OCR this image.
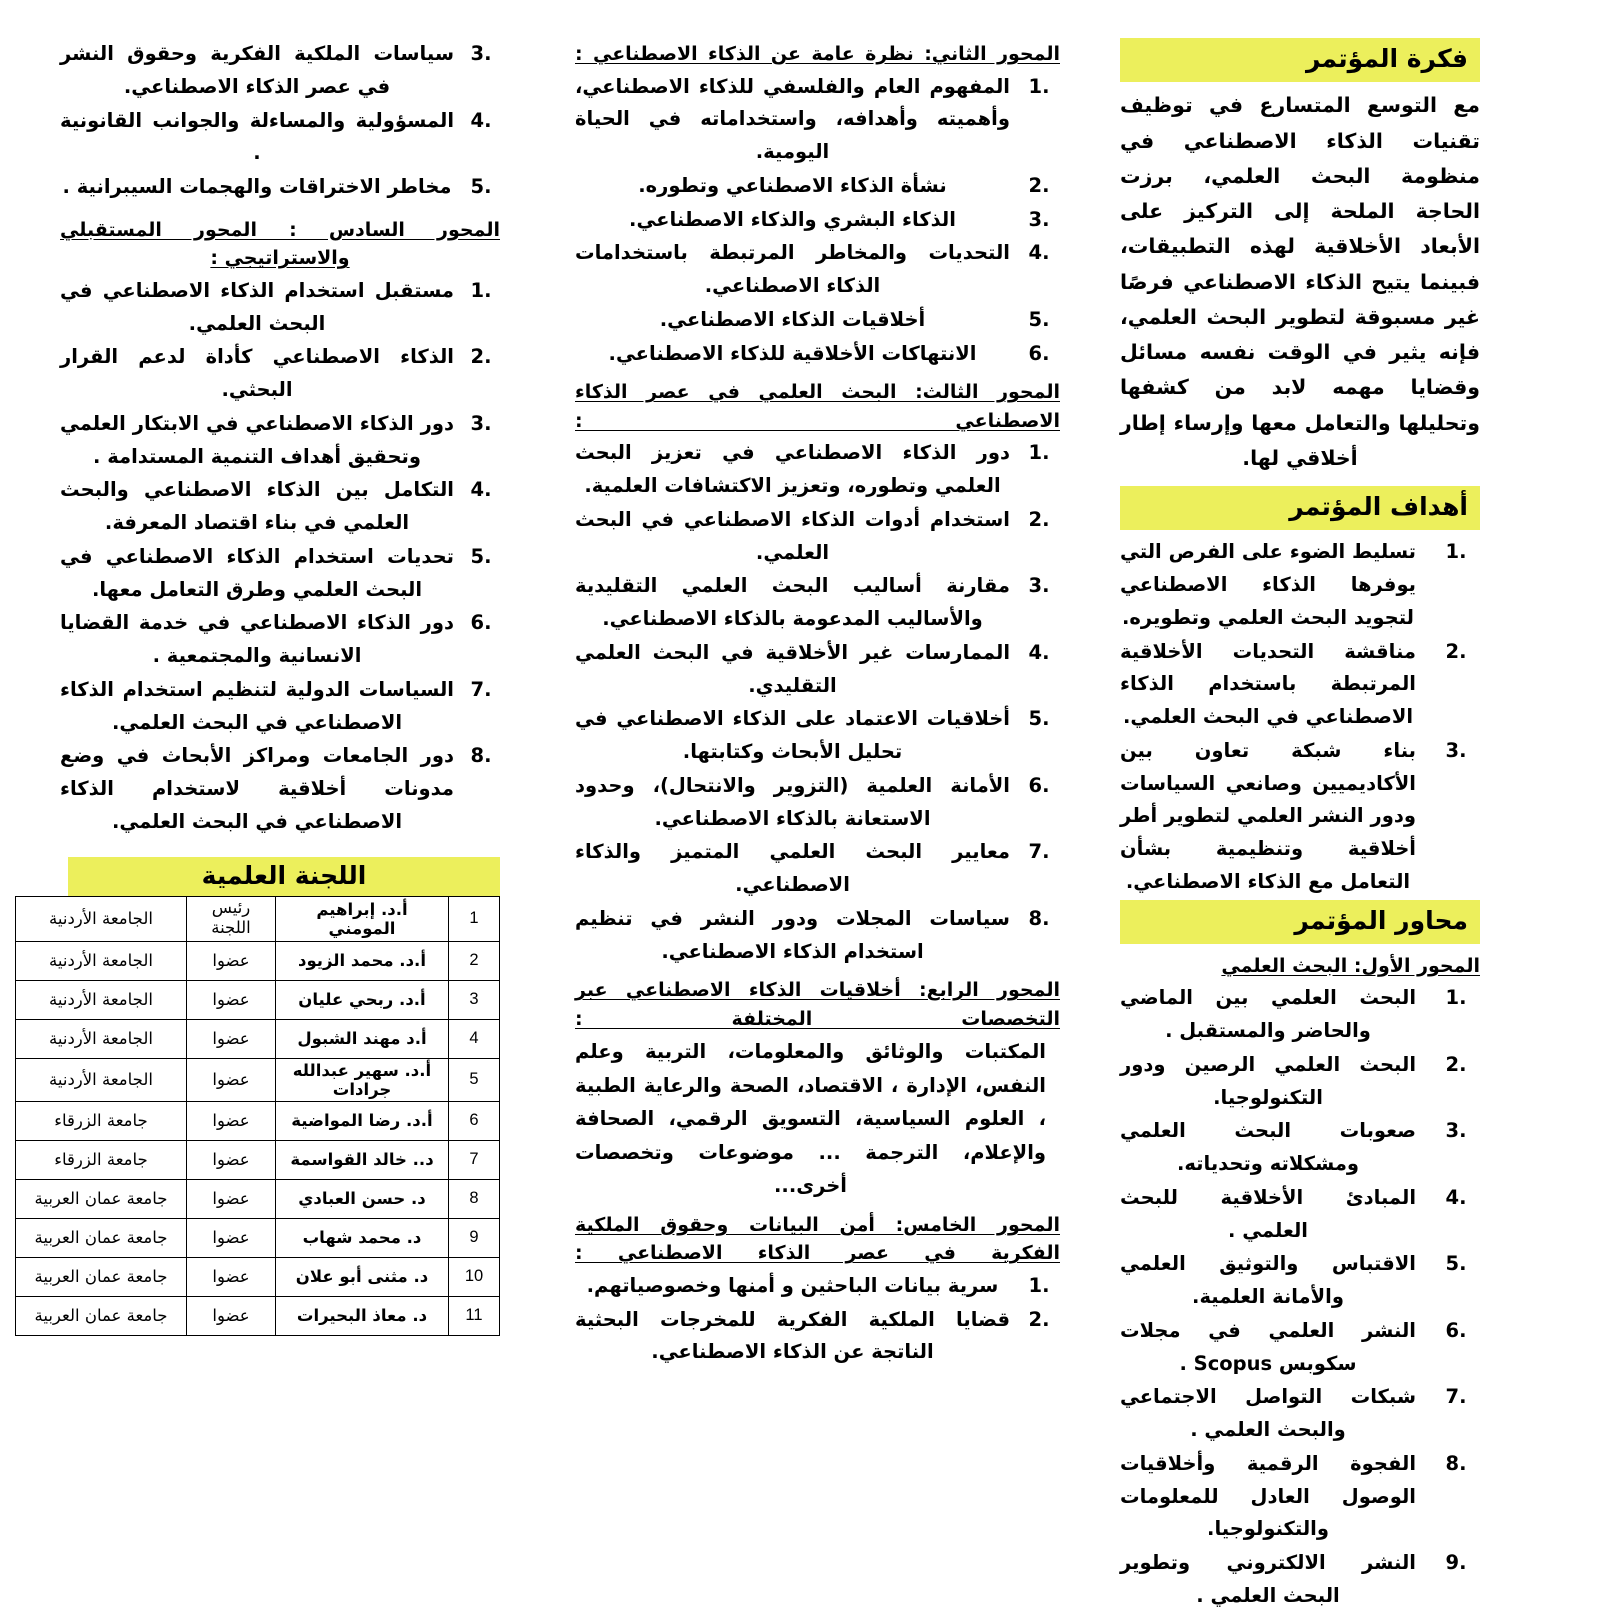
فكرة المؤتمر
مع التوسع المتسارع في توظيف تقنيات الذكاء الاصطناعي في منظومة البحث العلمي، برزت الحاجة الملحة إلى التركيز على الأبعاد الأخلاقية لهذه التطبيقات، فبينما يتيح الذكاء الاصطناعي فرصًا غير مسبوقة لتطوير البحث العلمي، فإنه يثير في الوقت نفسه مسائل وقضايا مهمه لابد من كشفها وتحليلها والتعامل معها وإرساء إطار أخلاقي لها.
أهداف المؤتمر
تسليط الضوء على الفرص التي يوفرها الذكاء الاصطناعي لتجويد البحث العلمي وتطويره.
مناقشة التحديات الأخلاقية المرتبطة باستخدام الذكاء الاصطناعي في البحث العلمي.
بناء شبكة تعاون بين الأكاديميين وصانعي السياسات ودور النشر العلمي لتطوير أطر أخلاقية وتنظيمية بشأن التعامل مع الذكاء الاصطناعي.
محاور المؤتمر
المحور الأول: البحث العلمي
البحث العلمي بين الماضي والحاضر والمستقبل .
البحث العلمي الرصين ودور التكنولوجيا.
صعوبات البحث العلمي ومشكلاته وتحدياته.
المبادئ الأخلاقية للبحث العلمي .
الاقتباس والتوثيق العلمي والأمانة العلمية.
النشر العلمي في مجلات سكوبس Scopus .
شبكات التواصل الاجتماعي والبحث العلمي .
الفجوة الرقمية وأخلاقيات الوصول العادل للمعلومات والتكنولوجيا.
النشر الالكتروني وتطوير البحث العلمي .
المحور الثاني: نظرة عامة عن الذكاء الاصطناعي :
المفهوم العام والفلسفي للذكاء الاصطناعي، وأهميته وأهدافه، واستخداماته في الحياة اليومية.
نشأة الذكاء الاصطناعي وتطوره.
الذكاء البشري والذكاء الاصطناعي.
التحديات والمخاطر المرتبطة باستخدامات الذكاء الاصطناعي.
أخلاقيات الذكاء الاصطناعي.
الانتهاكات الأخلاقية للذكاء الاصطناعي.
المحور الثالث: البحث العلمي في عصر الذكاء الاصطناعي :
دور الذكاء الاصطناعي في تعزيز البحث العلمي وتطوره، وتعزيز الاكتشافات العلمية.
استخدام أدوات الذكاء الاصطناعي في البحث العلمي.
مقارنة أساليب البحث العلمي التقليدية والأساليب المدعومة بالذكاء الاصطناعي.
الممارسات غير الأخلاقية في البحث العلمي التقليدي.
أخلاقيات الاعتماد على الذكاء الاصطناعي في تحليل الأبحاث وكتابتها.
الأمانة العلمية (التزوير والانتحال)، وحدود الاستعانة بالذكاء الاصطناعي.
معايير البحث العلمي المتميز والذكاء الاصطناعي.
سياسات المجلات ودور النشر في تنظيم استخدام الذكاء الاصطناعي.
المحور الرابع: أخلاقيات الذكاء الاصطناعي عبر التخصصات المختلفة :
المكتبات والوثائق والمعلومات، التربية وعلم النفس، الإدارة ، الاقتصاد، الصحة والرعاية الطبية ، العلوم السياسية، التسويق الرقمي، الصحافة والإعلام، الترجمة ... موضوعات وتخصصات أخرى...
المحور الخامس: أمن البيانات وحقوق الملكية الفكرية في عصر الذكاء الاصطناعي :
سرية بيانات الباحثين و أمنها وخصوصياتهم.
قضايا الملكية الفكرية للمخرجات البحثية الناتجة عن الذكاء الاصطناعي.
سياسات الملكية الفكرية وحقوق النشر في عصر الذكاء الاصطناعي.
المسؤولية والمساءلة والجوانب القانونية .
مخاطر الاختراقات والهجمات السيبرانية .
المحور السادس : المحور المستقبلي والاستراتيجي :
مستقبل استخدام الذكاء الاصطناعي في البحث العلمي.
الذكاء الاصطناعي كأداة لدعم القرار البحثي.
دور الذكاء الاصطناعي في الابتكار العلمي وتحقيق أهداف التنمية المستدامة .
التكامل بين الذكاء الاصطناعي والبحث العلمي في بناء اقتصاد المعرفة.
تحديات استخدام الذكاء الاصطناعي في البحث العلمي وطرق التعامل معها.
دور الذكاء الاصطناعي في خدمة القضايا الانسانية والمجتمعية .
السياسات الدولية لتنظيم استخدام الذكاء الاصطناعي في البحث العلمي.
دور الجامعات ومراكز الأبحاث في وضع مدونات أخلاقية لاستخدام الذكاء الاصطناعي في البحث العلمي.
اللجنة العلمية
1	أ.د. إبراهيم المومني	رئيس اللجنة	الجامعة الأردنية
2	أ.د. محمد الزيود	عضوا	الجامعة الأردنية
3	أ.د. ربحي عليان	عضوا	الجامعة الأردنية
4	أ.د مهند الشبول	عضوا	الجامعة الأردنية
5	أ.د. سهير عبدالله جرادات	عضوا	الجامعة الأردنية
6	أ.د. رضا المواضية	عضوا	جامعة الزرقاء
7	د.. خالد القواسمة	عضوا	جامعة الزرقاء
8	د. حسن العبادي	عضوا	جامعة عمان العربية
9	د. محمد شهاب	عضوا	جامعة عمان العربية
10	د. مثنى أبو علان	عضوا	جامعة عمان العربية
11	د. معاذ البحيرات	عضوا	جامعة عمان العربية
